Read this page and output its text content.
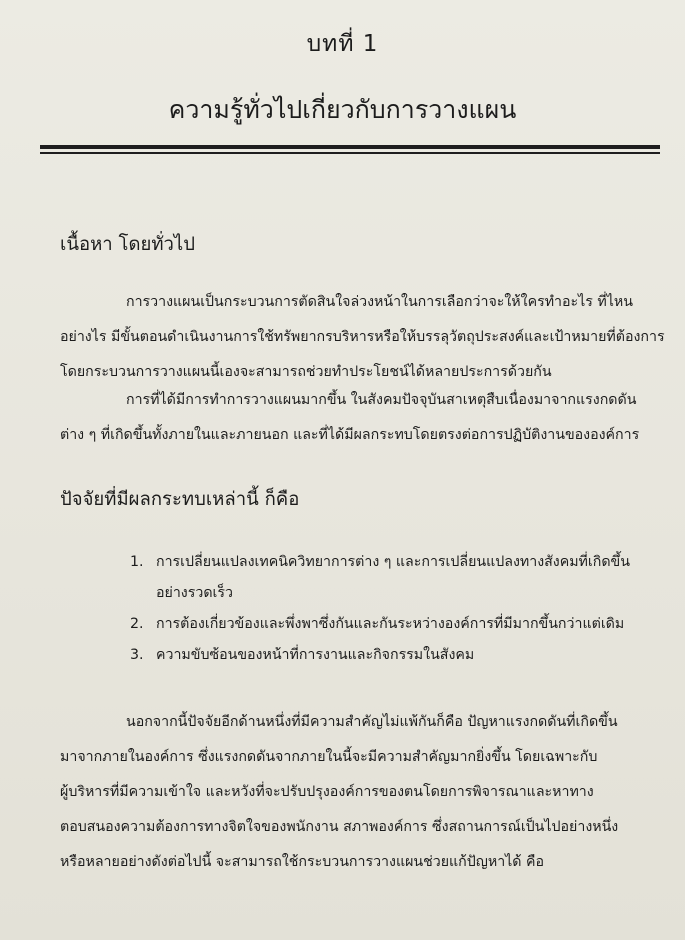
บทที่ 1
ความรู้ทั่วไปเกี่ยวกับการวางแผน
เนื้อหา โดยทั่วไป

การวางแผนเป็นกระบวนการตัดสินใจล่วงหน้าในการเลือกว่าจะให้ใครทำอะไร ที่ไหน
อย่างไร มีขั้นตอนดำเนินงานการใช้ทรัพยากรบริหารหรือให้บรรลุวัตถุประสงค์และเป้าหมายที่ต้องการ
โดยกระบวนการวางแผนนี้เองจะสามารถช่วยทำประโยชน์ได้หลายประการด้วยกัน

การที่ได้มีการทำการวางแผนมากขึ้น ในสังคมปัจจุบันสาเหตุสืบเนื่องมาจากแรงกดดัน
ต่าง ๆ ที่เกิดขึ้นทั้งภายในและภายนอก และที่ได้มีผลกระทบโดยตรงต่อการปฏิบัติงานขององค์การ

ปัจจัยที่มีผลกระทบเหล่านี้ ก็คือ
1. การเปลี่ยนแปลงเทคนิควิทยาการต่าง ๆ และการเปลี่ยนแปลงทางสังคมที่เกิดขึ้น
อย่างรวดเร็ว
2. การต้องเกี่ยวข้องและพึ่งพาซึ่งกันและกันระหว่างองค์การที่มีมากขึ้นกว่าแต่เดิม
3. ความขับซ้อนของหน้าที่การงานและกิจกรรมในสังคม

นอกจากนี้ปัจจัยอีกด้านหนึ่งที่มีความสำคัญไม่แพ้กันก็คือ ปัญหาแรงกดดันที่เกิดขึ้น
มาจากภายในองค์การ ซึ่งแรงกดดันจากภายในนี้จะมีความสำคัญมากยิ่งขึ้น โดยเฉพาะกับ
ผู้บริหารที่มีความเข้าใจ และหวังที่จะปรับปรุงองค์การของตนโดยการพิจารณาและหาทาง
ตอบสนองความต้องการทางจิตใจของพนักงาน สภาพองค์การ ซึ่งสถานการณ์เป็นไปอย่างหนึ่ง
หรือหลายอย่างดังต่อไปนี้ จะสามารถใช้กระบวนการวางแผนช่วยแก้ปัญหาได้ คือ
